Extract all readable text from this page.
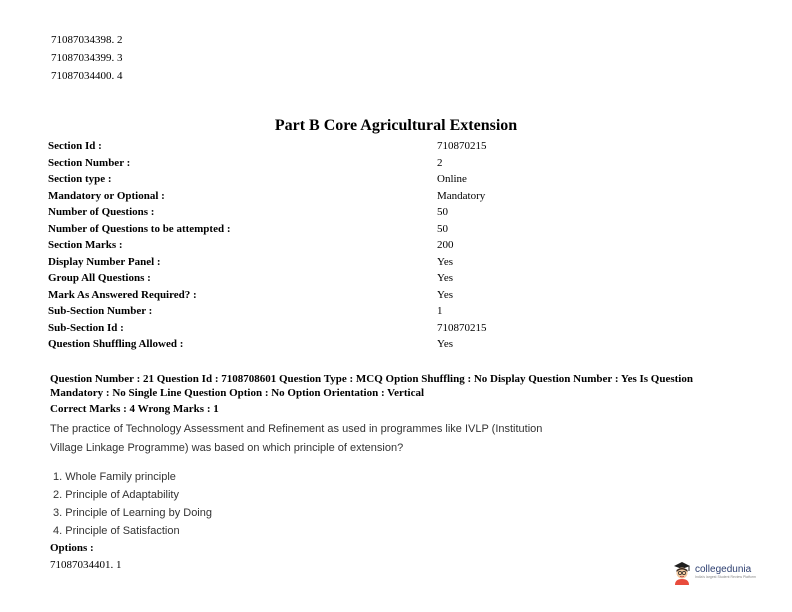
71087034398. 2
71087034399. 3
71087034400. 4
Part B Core Agricultural Extension
Section Id :	710870215
Section Number :	2
Section type :	Online
Mandatory or Optional :	Mandatory
Number of Questions :	50
Number of Questions to be attempted :	50
Section Marks :	200
Display Number Panel :	Yes
Group All Questions :	Yes
Mark As Answered Required? :	Yes
Sub-Section Number :	1
Sub-Section Id :	710870215
Question Shuffling Allowed :	Yes
Question Number : 21 Question Id : 7108708601 Question Type : MCQ Option Shuffling : No Display Question Number : Yes Is Question Mandatory : No Single Line Question Option : No Option Orientation : Vertical
Correct Marks : 4 Wrong Marks : 1
The practice of Technology Assessment and Refinement as used in programmes like IVLP (Institution Village Linkage Programme) was based on which principle of extension?
1. Whole Family principle
2. Principle of Adaptability
3. Principle of Learning by Doing
4. Principle of Satisfaction
Options :
71087034401. 1	collegedunia
India's largest Student Review Platform
